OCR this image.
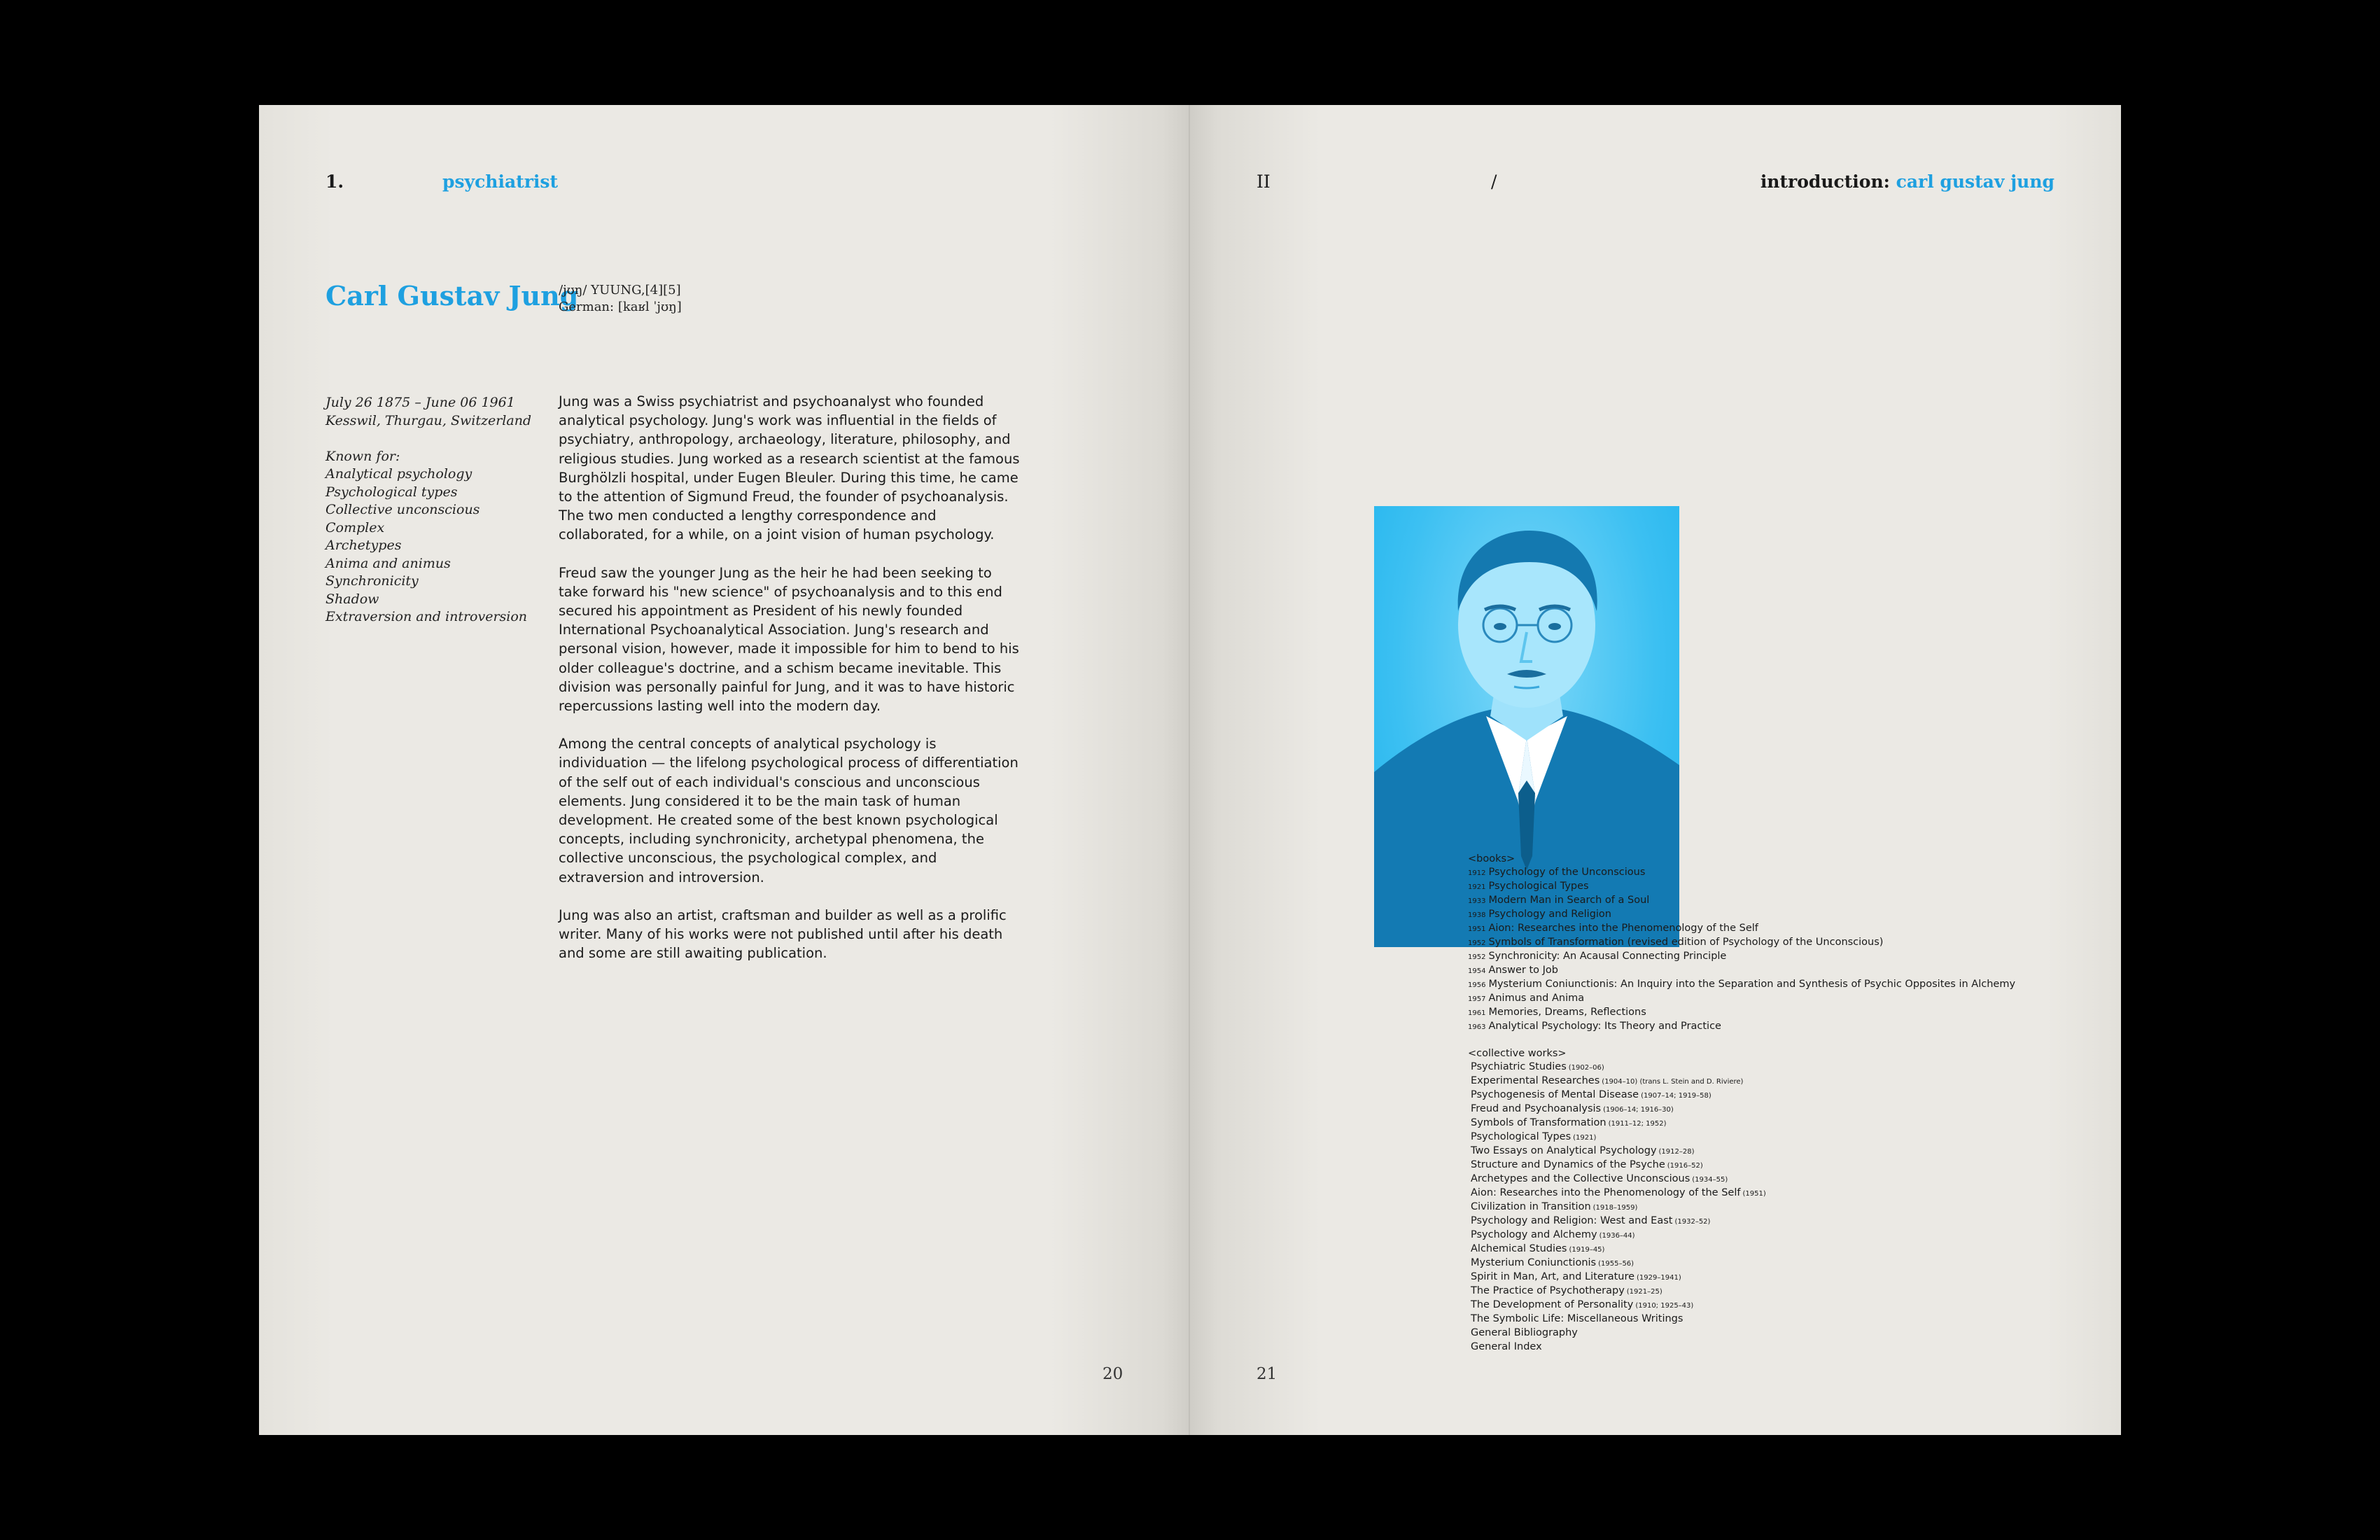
1.	psychiatrist
Carl Gustav Jung
/jʊŋ/ YUUNG,[4][5]
German: [kaʁl ˈjʊŋ]
July 26 1875 – June 06 1961
Kesswil, Thurgau, Switzerland
Known for:
Analytical psychology
Psychological types
Collective unconscious
Complex
Archetypes
Anima and animus
Synchronicity
Shadow
Extraversion and introversion

Jung was a Swiss psychiatrist and psychoanalyst who founded analytical psychology. Jung's work was influential in the fields of psychiatry, anthropology, archaeology, literature, philosophy, and religious studies. Jung worked as a research scientist at the famous Burghölzli hospital, under Eugen Bleuler. During this time, he came to the attention of Sigmund Freud, the founder of psychoanalysis. The two men conducted a lengthy correspondence and collaborated, for a while, on a joint vision of human psychology.

Freud saw the younger Jung as the heir he had been seeking to take forward his "new science" of psychoanalysis and to this end secured his appointment as President of his newly founded International Psychoanalytical Association. Jung's research and personal vision, however, made it impossible for him to bend to his older colleague's doctrine, and a schism became inevitable. This division was personally painful for Jung, and it was to have historic repercussions lasting well into the modern day.

Among the central concepts of analytical psychology is individuation — the lifelong psychological process of differentiation of the self out of each individual's conscious and unconscious elements. Jung considered it to be the main task of human development. He created some of the best known psychological concepts, including synchronicity, archetypal phenomena, the collective unconscious, the psychological complex, and extraversion and introversion.

Jung was also an artist, craftsman and builder as well as a prolific writer. Many of his works were not published until after his death and some are still awaiting publication.

20
II	/	introduction: carl gustav jung
21
<books>
1912 Psychology of the Unconscious
1921 Psychological Types
1933 Modern Man in Search of a Soul
1938 Psychology and Religion
1951 Aion: Researches into the Phenomenology of the Self
1952 Symbols of Transformation (revised edition of Psychology of the Unconscious)
1952 Synchronicity: An Acausal Connecting Principle
1954 Answer to Job
1956 Mysterium Coniunctionis: An Inquiry into the Separation and Synthesis of Psychic Opposites in Alchemy
1957 Animus and Anima
1961 Memories, Dreams, Reflections
1963 Analytical Psychology: Its Theory and Practice
<collective works>
Psychiatric Studies (1902–06)
Experimental Researches (1904–10) (trans L. Stein and D. Riviere)
Psychogenesis of Mental Disease (1907–14; 1919–58)
Freud and Psychoanalysis (1906–14; 1916–30)
Symbols of Transformation (1911–12; 1952)
Psychological Types (1921)
Two Essays on Analytical Psychology (1912–28)
Structure and Dynamics of the Psyche (1916–52)
Archetypes and the Collective Unconscious (1934–55)
Aion: Researches into the Phenomenology of the Self (1951)
Civilization in Transition (1918–1959)
Psychology and Religion: West and East (1932–52)
Psychology and Alchemy (1936–44)
Alchemical Studies (1919–45)
Mysterium Coniunctionis (1955–56)
Spirit in Man, Art, and Literature (1929–1941)
The Practice of Psychotherapy (1921–25)
The Development of Personality (1910; 1925–43)
The Symbolic Life: Miscellaneous Writings
General Bibliography
General Index
